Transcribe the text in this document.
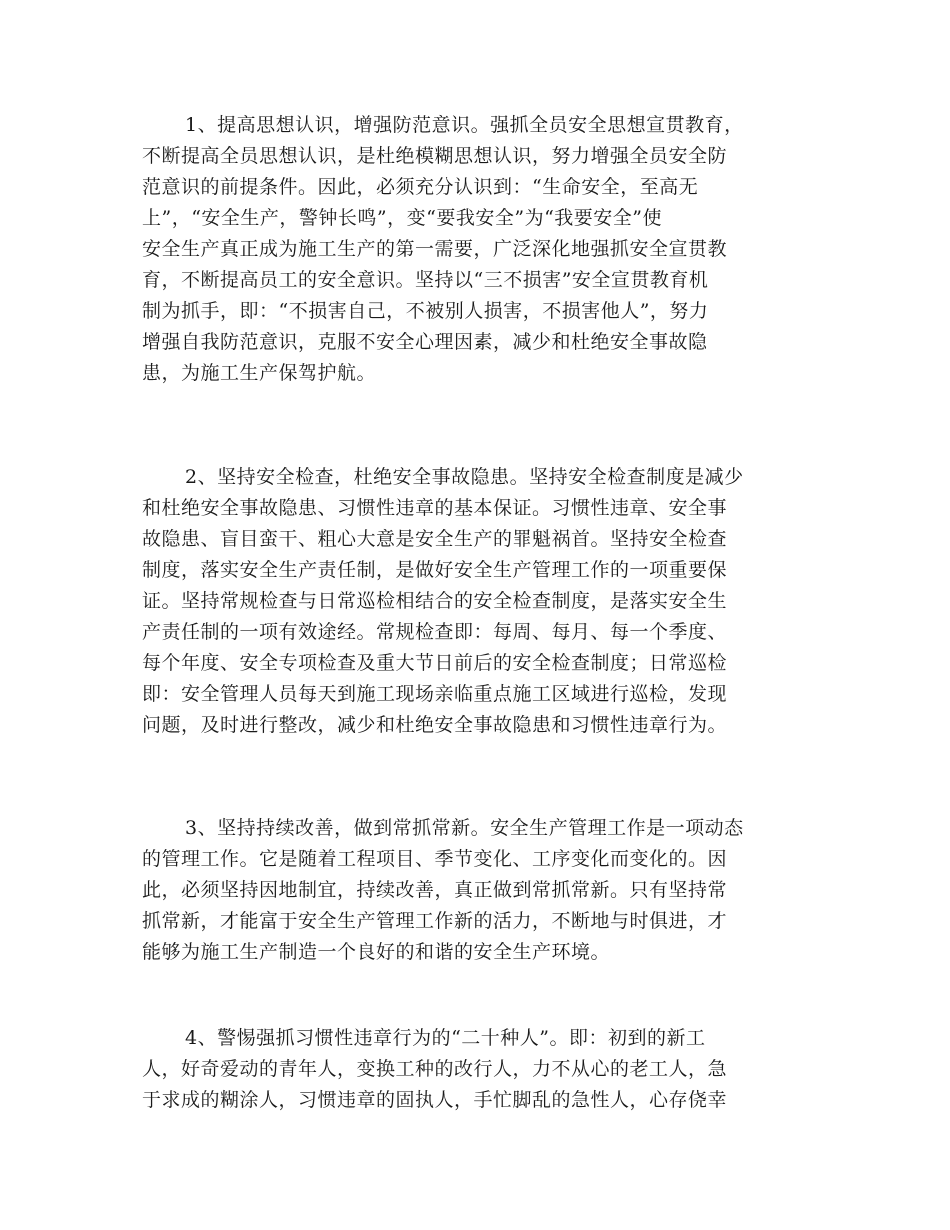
1、提高思想认识，增强防范意识。强抓全员安全思想宣贯教育，
不断提高全员思想认识，是杜绝模糊思想认识，努力增强全员安全防
范意识的前提条件。因此，必须充分认识到：“生命安全，至高无
上”，“安全生产，警钟长鸣”，变“要我安全”为“我要安全”使
安全生产真正成为施工生产的第一需要，广泛深化地强抓安全宣贯教
育，不断提高员工的安全意识。坚持以“三不损害”安全宣贯教育机
制为抓手，即：“不损害自己，不被别人损害，不损害他人”，努力
增强自我防范意识，克服不安全心理因素，减少和杜绝安全事故隐
患，为施工生产保驾护航。
2、坚持安全检查，杜绝安全事故隐患。坚持安全检查制度是减少
和杜绝安全事故隐患、习惯性违章的基本保证。习惯性违章、安全事
故隐患、盲目蛮干、粗心大意是安全生产的罪魁祸首。坚持安全检查
制度，落实安全生产责任制，是做好安全生产管理工作的一项重要保
证。坚持常规检查与日常巡检相结合的安全检查制度，是落实安全生
产责任制的一项有效途经。常规检查即：每周、每月、每一个季度、
每个年度、安全专项检查及重大节日前后的安全检查制度；日常巡检
即：安全管理人员每天到施工现场亲临重点施工区域进行巡检，发现
问题，及时进行整改，减少和杜绝安全事故隐患和习惯性违章行为。
3、坚持持续改善，做到常抓常新。安全生产管理工作是一项动态
的管理工作。它是随着工程项目、季节变化、工序变化而变化的。因
此，必须坚持因地制宜，持续改善，真正做到常抓常新。只有坚持常
抓常新，才能富于安全生产管理工作新的活力，不断地与时俱进，才
能够为施工生产制造一个良好的和谐的安全生产环境。
4、警惕强抓习惯性违章行为的“二十种人”。即：初到的新工
人，好奇爱动的青年人，变换工种的改行人，力不从心的老工人，急
于求成的糊涂人，习惯违章的固执人，手忙脚乱的急性人，心存侥幸
